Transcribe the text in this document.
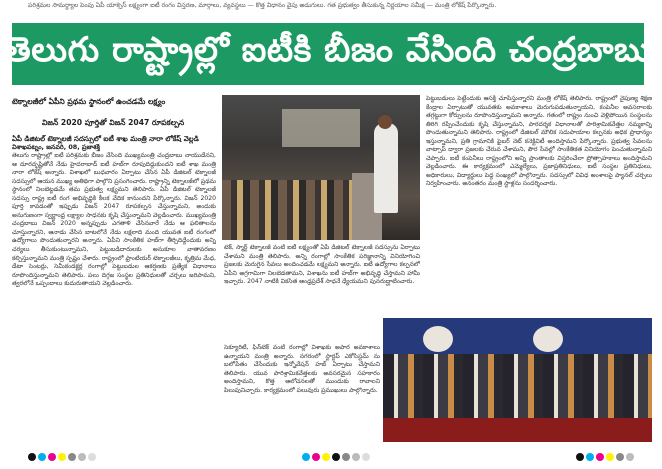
పరిశ్రమల సామర్థ్యాల పెంపు ఏపీ యాక్సెస్ లక్ష్యంగా ఐటీ రంగం విస్తరణ, మార్గాలు, వ్యవస్థలు — కొత్త విధానం వైపు అడుగులు. గత ప్రభుత్వం తీసుకున్న నిర్ణయాల సమీక్ష — మంత్రి లోకేష్ పేర్కొన్నారు.
తెలుగు రాష్ట్రాల్లో ఐటీకి బీజం వేసింది చంద్రబాబు
టెక్నాలజీలో ఏపీని ప్రథమ స్థానంలో ఉంచడమే లక్ష్యం
విజన్ 2020 పూర్తితో విజన్ 2047 రూపకల్పన
ఏపీ డిజిటల్ టెక్నాలజీ సదస్సులో ఐటీ శాఖ మంత్రి నారా లోకేష్ వెల్లడి
విశాఖపట్నం, జనవరి, 08, ప్రజాశక్తి

తెలుగు రాష్ట్రాల్లో ఐటీ పరిశ్రమకు బీజం వేసింది ముఖ్యమంత్రి చంద్రబాబు నాయుడేనని, ఆ దూరదృష్టితోనే నేడు హైదరాబాద్ ఐటీ హబ్‌గా రూపుదిద్దుకుందని ఐటీ శాఖ మంత్రి నారా లోకేష్ అన్నారు. విశాఖలో బుధవారం ఏర్పాటు చేసిన ఏపీ డిజిటల్ టెక్నాలజీ సదస్సులో ఆయన ముఖ్య అతిథిగా పాల్గొని ప్రసంగించారు. రాష్ట్రాన్ని టెక్నాలజీలో ప్రథమ స్థానంలో నిలబెట్టడమే తమ ప్రభుత్వ లక్ష్యమని తెలిపారు. ఏపీ డిజిటల్ టెక్నాలజీ సదస్సు రాష్ట్ర ఐటీ రంగ అభివృద్ధికి కీలక వేదిక కానుందని పేర్కొన్నారు. విజన్ 2020 పూర్తి కావడంతో ఇప్పుడు విజన్ 2047 రూపకల్పన చేస్తున్నామని, అందుకు అనుగుణంగా స్వర్ణాంధ్ర లక్ష్యాల సాధనకు కృషి చేస్తున్నామని వెల్లడించారు. ముఖ్యమంత్రి చంద్రబాబు విజన్ 2020 అన్నప్పుడు ఎగతాళి చేసినవారే నేడు ఆ ఫలితాలను చూస్తున్నారని, ఆనాడు వేసిన బాటలోనే నేడు లక్షలాది మంది యువత ఐటీ రంగంలో ఉద్యోగాలు పొందుతున్నారని అన్నారు. ఏపీని సాంకేతిక హబ్‌గా తీర్చిదిద్దేందుకు అన్ని చర్యలు తీసుకుంటున్నామని, పెట్టుబడిదారులకు అనుకూల వాతావరణం కల్పిస్తున్నామని మంత్రి స్పష్టం చేశారు. రాష్ట్రంలో ఫ్రాంటియర్ టెక్నాలజీలు, కృత్రిమ మేధ, డేటా సెంటర్లు, సెమీకండక్టర్ల రంగాల్లో పెట్టుబడుల ఆకర్షణకు ప్రత్యేక విధానాలు రూపొందిస్తున్నామని తెలిపారు. పలు దిగ్గజ సంస్థల ప్రతినిధులతో చర్చలు జరిపామని, త్వరలోనే ఒప్పందాలు కుదురుతాయని వెల్లడించారు.

టెక్, స్మార్ట్ టెక్నాలజీ వంటి ఐటీ లక్ష్యంతో ఏపీ డిజిటల్ టెక్నాలజీ సదస్సును ఏర్పాటు చేశామని మంత్రి తెలిపారు. అన్ని రంగాల్లో సాంకేతిక పరిజ్ఞానాన్ని వినియోగించి ప్రజలకు మెరుగైన సేవలు అందించడమే లక్ష్యమని అన్నారు. ఐటీ ఉద్యోగాల కల్పనలో ఏపీని అగ్రగామిగా నిలబెడతామని, విశాఖను ఐటీ హబ్‌గా అభివృద్ధి చేస్తామని హామీ ఇచ్చారు. 2047 నాటికి వికసిత ఆంధ్రప్రదేశ్ సాధనే ధ్యేయమని పునరుద్ఘాటించారు.

పెట్టుబడులు పెట్టేందుకు ఆసక్తి చూపిస్తున్నారని మంత్రి లోకేష్ తెలిపారు. రాష్ట్రంలో నైపుణ్య శిక్షణ కేంద్రాల ఏర్పాటుతో యువతకు అవకాశాలు మెరుగుపడుతున్నాయని, కంపెనీల అవసరాలకు తగ్గట్టుగా కోర్సులను రూపొందిస్తున్నామని అన్నారు. గతంలో రాష్ట్రం నుంచి వెళ్లిపోయిన సంస్థలను తిరిగి రప్పించేందుకు కృషి చేస్తున్నామని, పారదర్శక విధానాలతో పారిశ్రామికవేత్తల నమ్మకాన్ని పొందుతున్నామని తెలిపారు. రాష్ట్రంలో డిజిటల్ మౌలిక సదుపాయాల కల్పనకు అధిక ప్రాధాన్యం ఇస్తున్నామని, ప్రతి గ్రామానికి ఫైబర్ నెట్ కనెక్టివిటీ అందిస్తామని పేర్కొన్నారు. ప్రభుత్వ సేవలను వాట్సాప్ ద్వారా ప్రజలకు చేరువ చేశామని, పౌర సేవల్లో సాంకేతికత వినియోగం పెంచుతున్నామని చెప్పారు. ఐటీ కంపెనీలు రాష్ట్రంలోని అన్ని ప్రాంతాలకు విస్తరించేలా ప్రోత్సాహకాలు అందిస్తామని వెల్లడించారు. ఈ కార్యక్రమంలో ఎమ్మెల్యేలు, ప్రజాప్రతినిధులు, ఐటీ సంస్థల ప్రతినిధులు, అధికారులు, విద్యార్థులు పెద్ద సంఖ్యలో పాల్గొన్నారు. సదస్సులో వివిధ అంశాలపై ప్యానల్ చర్చలు నిర్వహించారు. అనంతరం మంత్రి స్టాళ్లను సందర్శించారు.

సెక్యూరిటీ, ఫిన్‌టెక్ వంటి రంగాల్లో విశాఖకు అపార అవకాశాలు ఉన్నాయని మంత్రి అన్నారు. నగరంలో స్టార్టప్ ఎకోసిస్టమ్ ను బలోపేతం చేసేందుకు ఇన్నోవేషన్ హబ్ ఏర్పాటు చేస్తామని తెలిపారు. యువ పారిశ్రామికవేత్తలకు అవసరమైన సహకారం అందిస్తామని, కొత్త ఆలోచనలతో ముందుకు రావాలని పిలుపునిచ్చారు. కార్యక్రమంలో పలువురు ప్రముఖులు పాల్గొన్నారు.
